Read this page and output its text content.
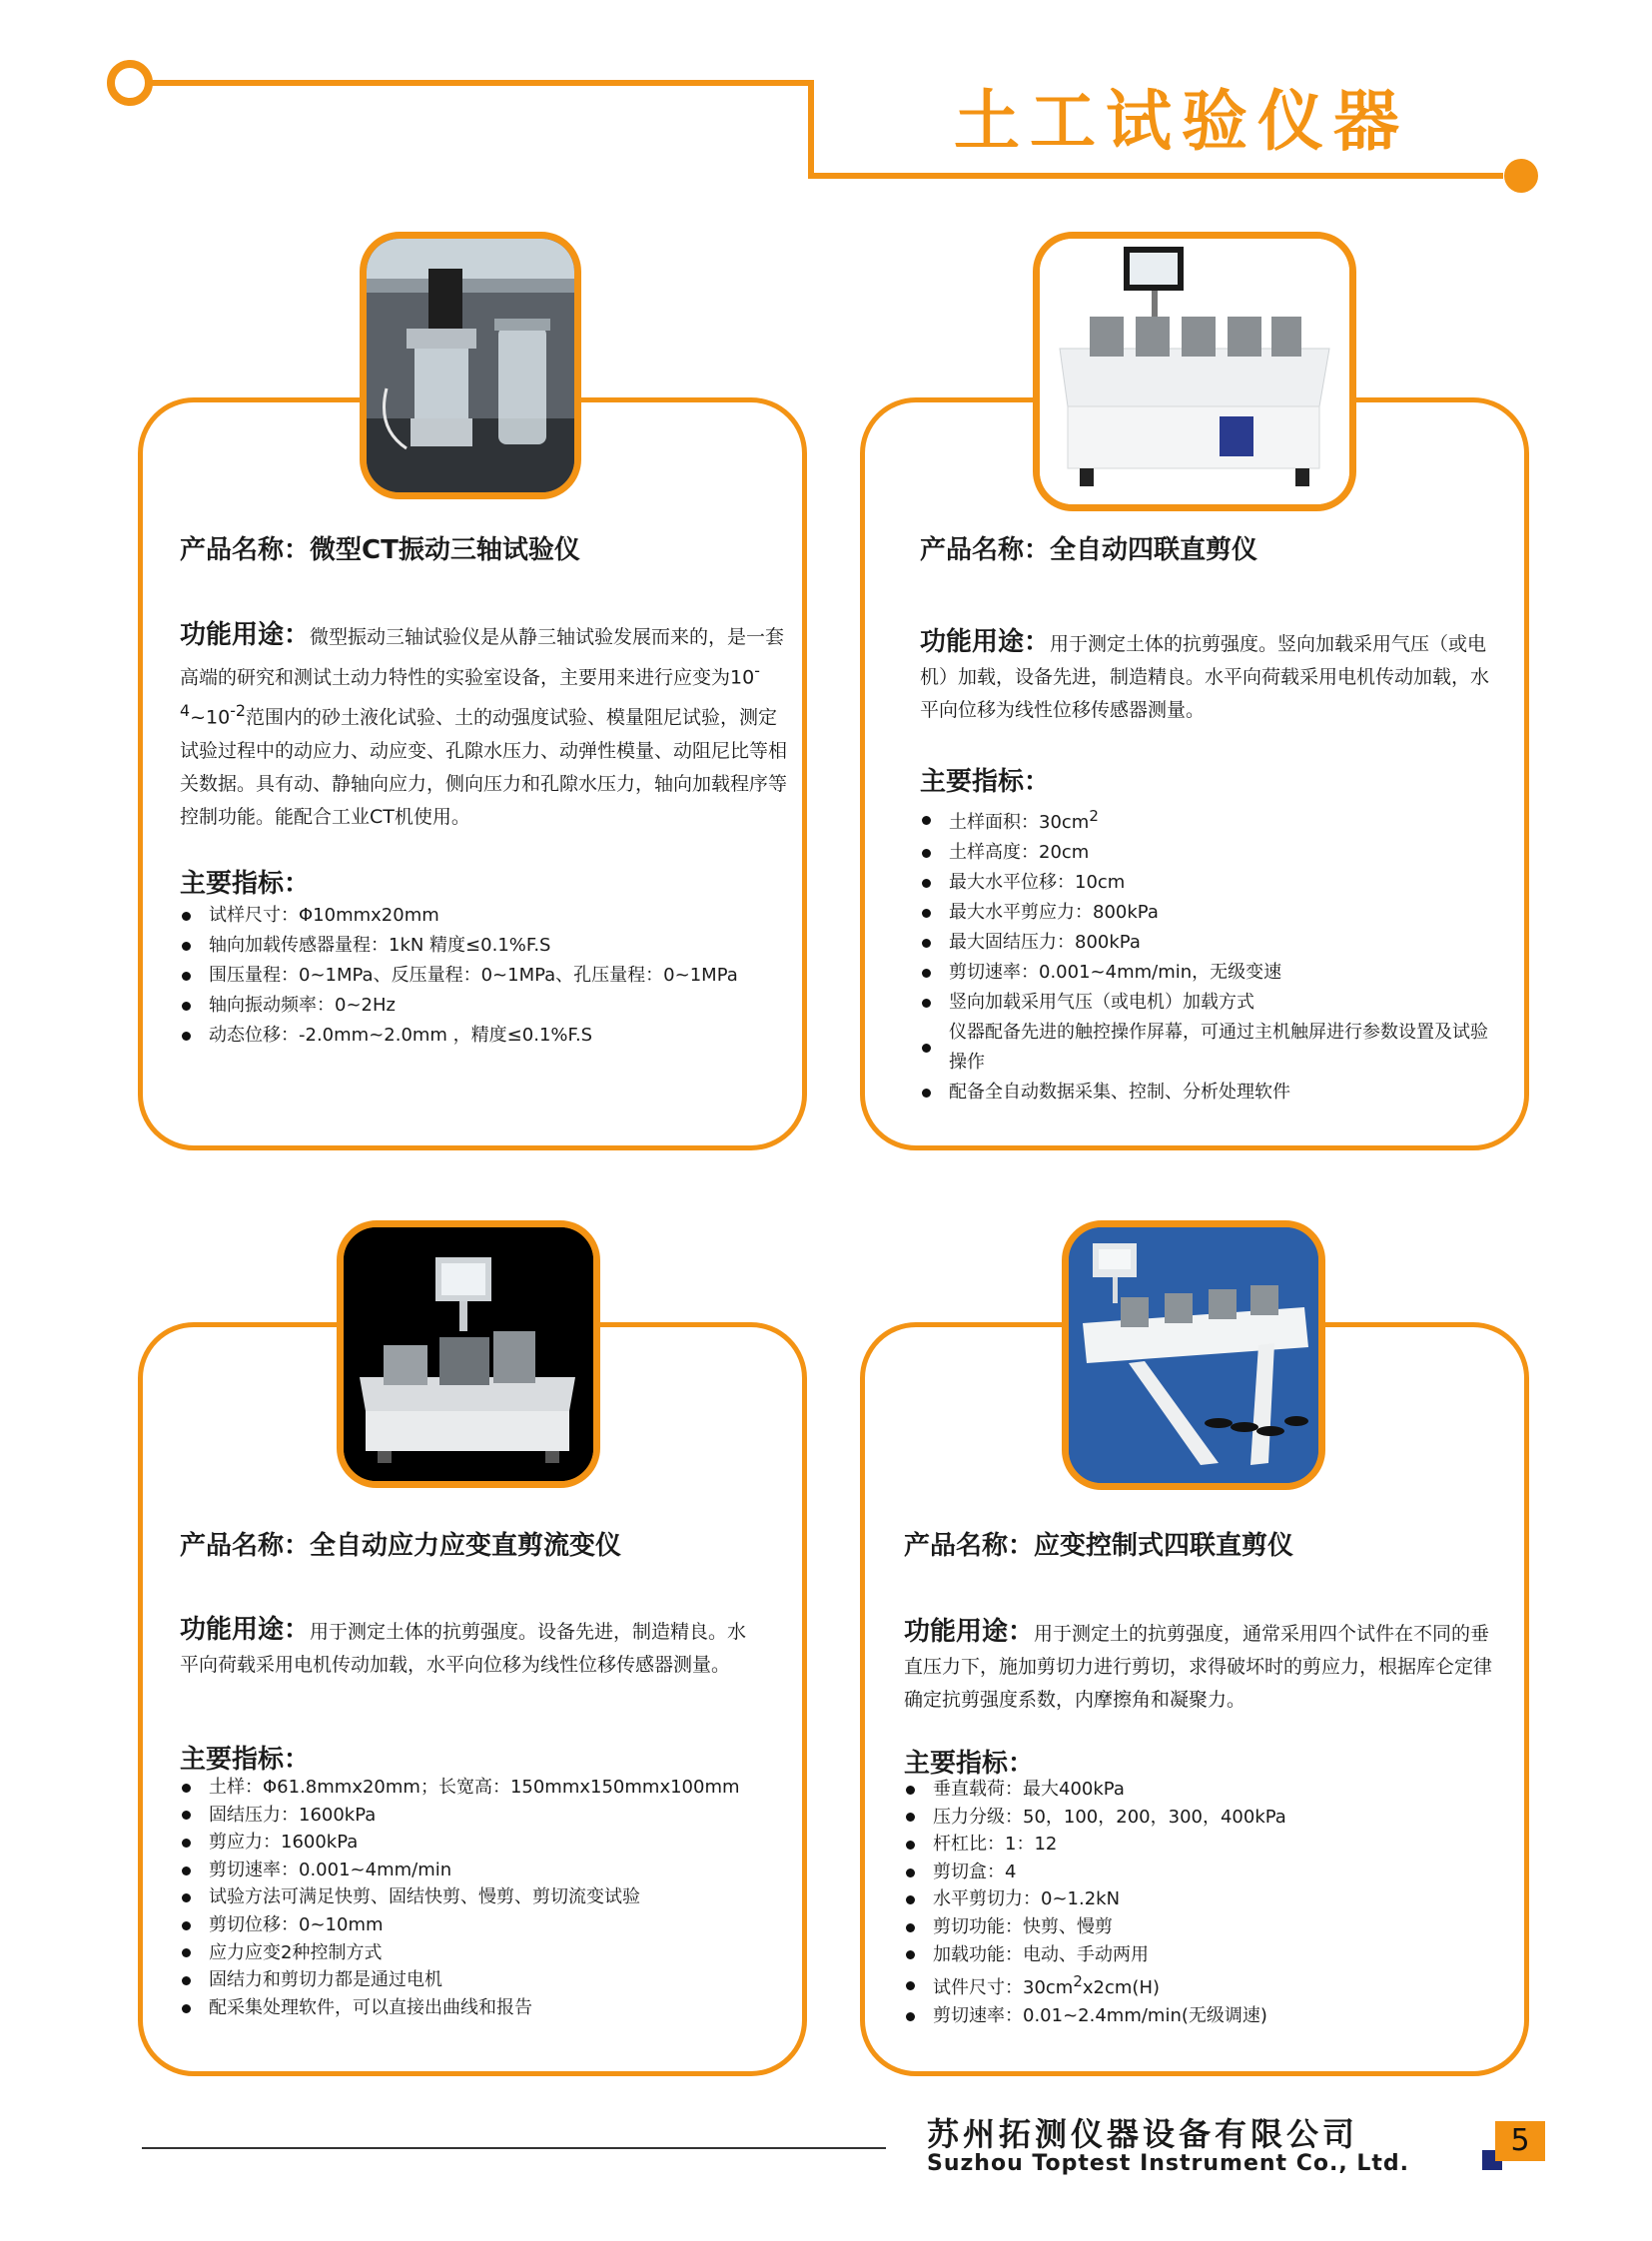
土工试验仪器
产品名称：微型CT振动三轴试验仪
功能用途：微型振动三轴试验仪是从静三轴试验发展而来的，是一套高端的研究和测试土动力特性的实验室设备，主要用来进行应变为$10^{-4}\sim 10^{-2}$范围内的砂土液化试验、土的动强度试验、模量阻尼试验，测定试验过程中的动应力、动应变、孔隙水压力、动弹性模量、动阻尼比等相关数据。具有动、静轴向应力，侧向压力和孔隙水压力，轴向加载程序等控制功能。能配合工业CT机使用。
主要指标：
试样尺寸：Φ10mmx20mm
轴向加载传感器量程：1kN 精度≤0.1%F.S
围压量程：0~1MPa、反压量程：0~1MPa、孔压量程：0~1MPa
轴向振动频率：0~2Hz
动态位移：-2.0mm~2.0mm ，精度≤0.1%F.S
产品名称：全自动四联直剪仪
功能用途：用于测定土体的抗剪强度。竖向加载采用气压（或电机）加载，设备先进，制造精良。水平向荷载采用电机传动加载，水平向位移为线性位移传感器测量。
主要指标：
土样面积：$30cm^2$
土样高度：20cm
最大水平位移：10cm
最大水平剪应力：800kPa
最大固结压力：800kPa
剪切速率：0.001~4mm/min，无级变速
竖向加载采用气压（或电机）加载方式
仪器配备先进的触控操作屏幕，可通过主机触屏进行参数设置及试验操作
配备全自动数据采集、控制、分析处理软件
产品名称：全自动应力应变直剪流变仪
功能用途：用于测定土体的抗剪强度。设备先进，制造精良。水平向荷载采用电机传动加载，水平向位移为线性位移传感器测量。
主要指标：
土样：Φ61.8mmx20mm；长宽高：150mmx150mmx100mm
固结压力：1600kPa
剪应力：1600kPa
剪切速率：0.001~4mm/min
试验方法可满足快剪、固结快剪、慢剪、剪切流变试验
剪切位移：0~10mm
应力应变2种控制方式
固结力和剪切力都是通过电机
配采集处理软件，可以直接出曲线和报告
产品名称：应变控制式四联直剪仪
功能用途：用于测定土的抗剪强度，通常采用四个试件在不同的垂直压力下，施加剪切力进行剪切，求得破坏时的剪应力，根据库仑定律确定抗剪强度系数，内摩擦角和凝聚力。
主要指标：
垂直载荷：最大400kPa
压力分级：50，100，200，300，400kPa
杆杠比：1：12
剪切盒：4
水平剪切力：0~1.2kN
剪切功能：快剪、慢剪
加载功能：电动、手动两用
试件尺寸：$30cm^2x2cm(H)$
剪切速率：0.01~2.4mm/min(无级调速)
苏州拓测仪器设备有限公司
Suzhou Toptest Instrument Co., Ltd.
5
